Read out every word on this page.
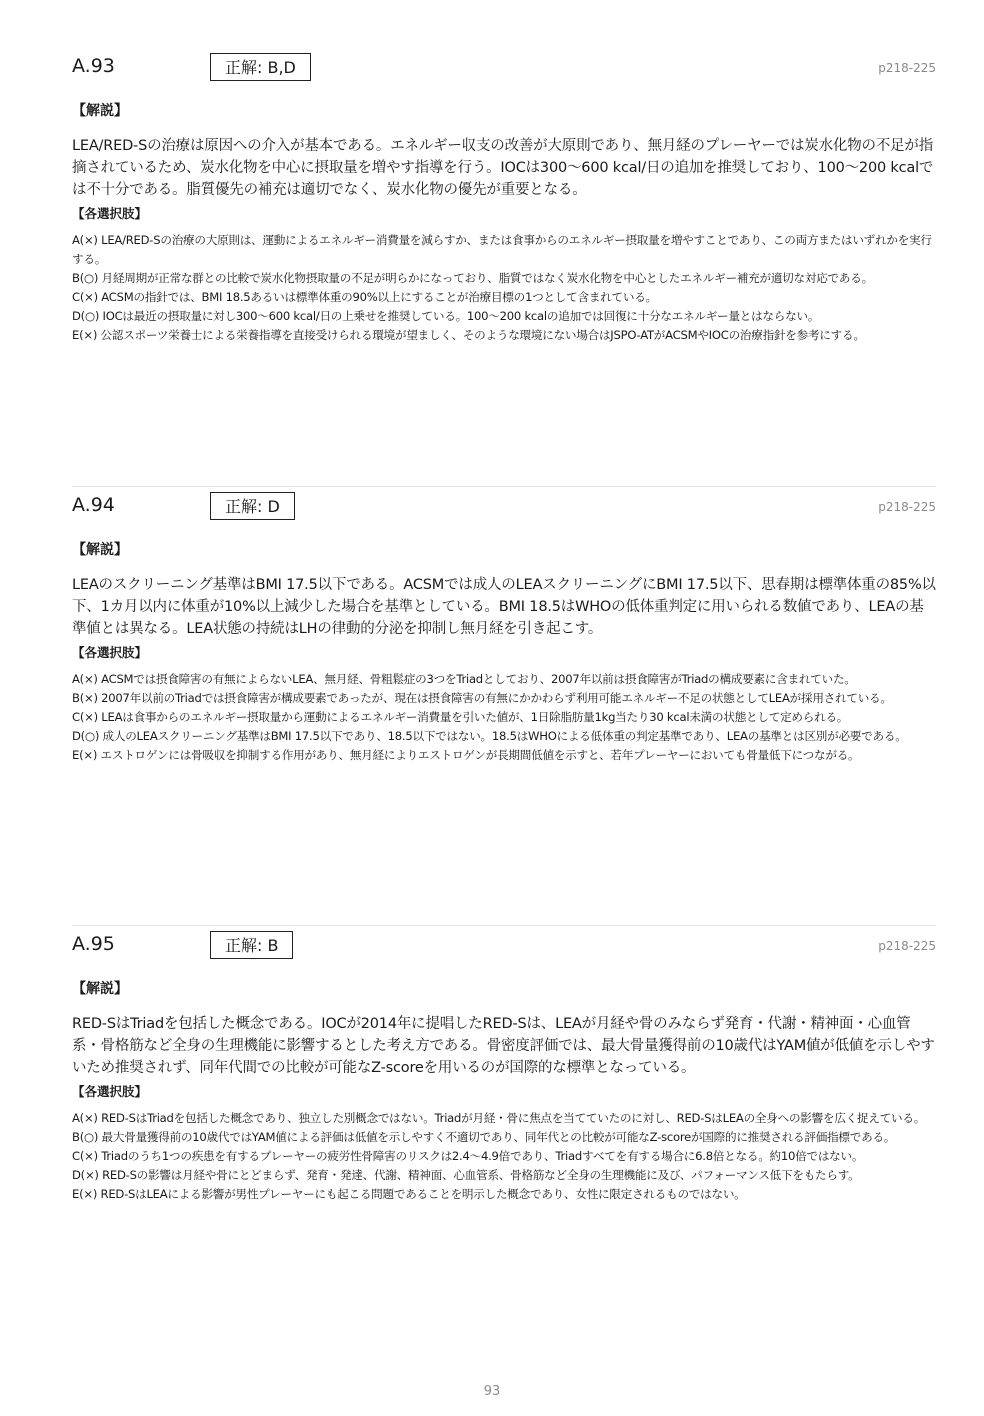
A.93	正解: B,D	p218-225
【解説】
LEA/RED-Sの治療は原因への介入が基本である。エネルギー収支の改善が大原則であり、無月経のプレーヤーでは炭水化物の不足が指摘されているため、炭水化物を中心に摂取量を増やす指導を行う。IOCは300〜600 kcal/日の追加を推奨しており、100〜200 kcalでは不十分である。脂質優先の補充は適切でなく、炭水化物の優先が重要となる。
【各選択肢】
A(×) LEA/RED-Sの治療の大原則は、運動によるエネルギー消費量を減らすか、または食事からのエネルギー摂取量を増やすことであり、この両方またはいずれかを実行する。
B(○) 月経周期が正常な群との比較で炭水化物摂取量の不足が明らかになっており、脂質ではなく炭水化物を中心としたエネルギー補充が適切な対応である。
C(×) ACSMの指針では、BMI 18.5あるいは標準体重の90%以上にすることが治療目標の1つとして含まれている。
D(○) IOCは最近の摂取量に対し300〜600 kcal/日の上乗せを推奨している。100〜200 kcalの追加では回復に十分なエネルギー量とはならない。
E(×) 公認スポーツ栄養士による栄養指導を直接受けられる環境が望ましく、そのような環境にない場合はJSPO-ATがACSMやIOCの治療指針を参考にする。
A.94	正解: D	p218-225
【解説】
LEAのスクリーニング基準はBMI 17.5以下である。ACSMでは成人のLEAスクリーニングにBMI 17.5以下、思春期は標準体重の85%以下、1カ月以内に体重が10%以上減少した場合を基準としている。BMI 18.5はWHOの低体重判定に用いられる数値であり、LEAの基準値とは異なる。LEA状態の持続はLHの律動的分泌を抑制し無月経を引き起こす。
【各選択肢】
A(×) ACSMでは摂食障害の有無によらないLEA、無月経、骨粗鬆症の3つをTriadとしており、2007年以前は摂食障害がTriadの構成要素に含まれていた。
B(×) 2007年以前のTriadでは摂食障害が構成要素であったが、現在は摂食障害の有無にかかわらず利用可能エネルギー不足の状態としてLEAが採用されている。
C(×) LEAは食事からのエネルギー摂取量から運動によるエネルギー消費量を引いた値が、1日除脂肪量1kg当たり30 kcal未満の状態として定められる。
D(○) 成人のLEAスクリーニング基準はBMI 17.5以下であり、18.5以下ではない。18.5はWHOによる低体重の判定基準であり、LEAの基準とは区別が必要である。
E(×) エストロゲンには骨吸収を抑制する作用があり、無月経によりエストロゲンが長期間低値を示すと、若年プレーヤーにおいても骨量低下につながる。
A.95	正解: B	p218-225
【解説】
RED-SはTriadを包括した概念である。IOCが2014年に提唱したRED-Sは、LEAが月経や骨のみならず発育・代謝・精神面・心血管系・骨格筋など全身の生理機能に影響するとした考え方である。骨密度評価では、最大骨量獲得前の10歳代はYAM値が低値を示しやすいため推奨されず、同年代間での比較が可能なZ-scoreを用いるのが国際的な標準となっている。
【各選択肢】
A(×) RED-SはTriadを包括した概念であり、独立した別概念ではない。Triadが月経・骨に焦点を当てていたのに対し、RED-SはLEAの全身への影響を広く捉えている。
B(○) 最大骨量獲得前の10歳代ではYAM値による評価は低値を示しやすく不適切であり、同年代との比較が可能なZ-scoreが国際的に推奨される評価指標である。
C(×) Triadのうち1つの疾患を有するプレーヤーの疲労性骨障害のリスクは2.4〜4.9倍であり、Triadすべてを有する場合に6.8倍となる。約10倍ではない。
D(×) RED-Sの影響は月経や骨にとどまらず、発育・発達、代謝、精神面、心血管系、骨格筋など全身の生理機能に及び、パフォーマンス低下をもたらす。
E(×) RED-SはLEAによる影響が男性プレーヤーにも起こる問題であることを明示した概念であり、女性に限定されるものではない。
93
